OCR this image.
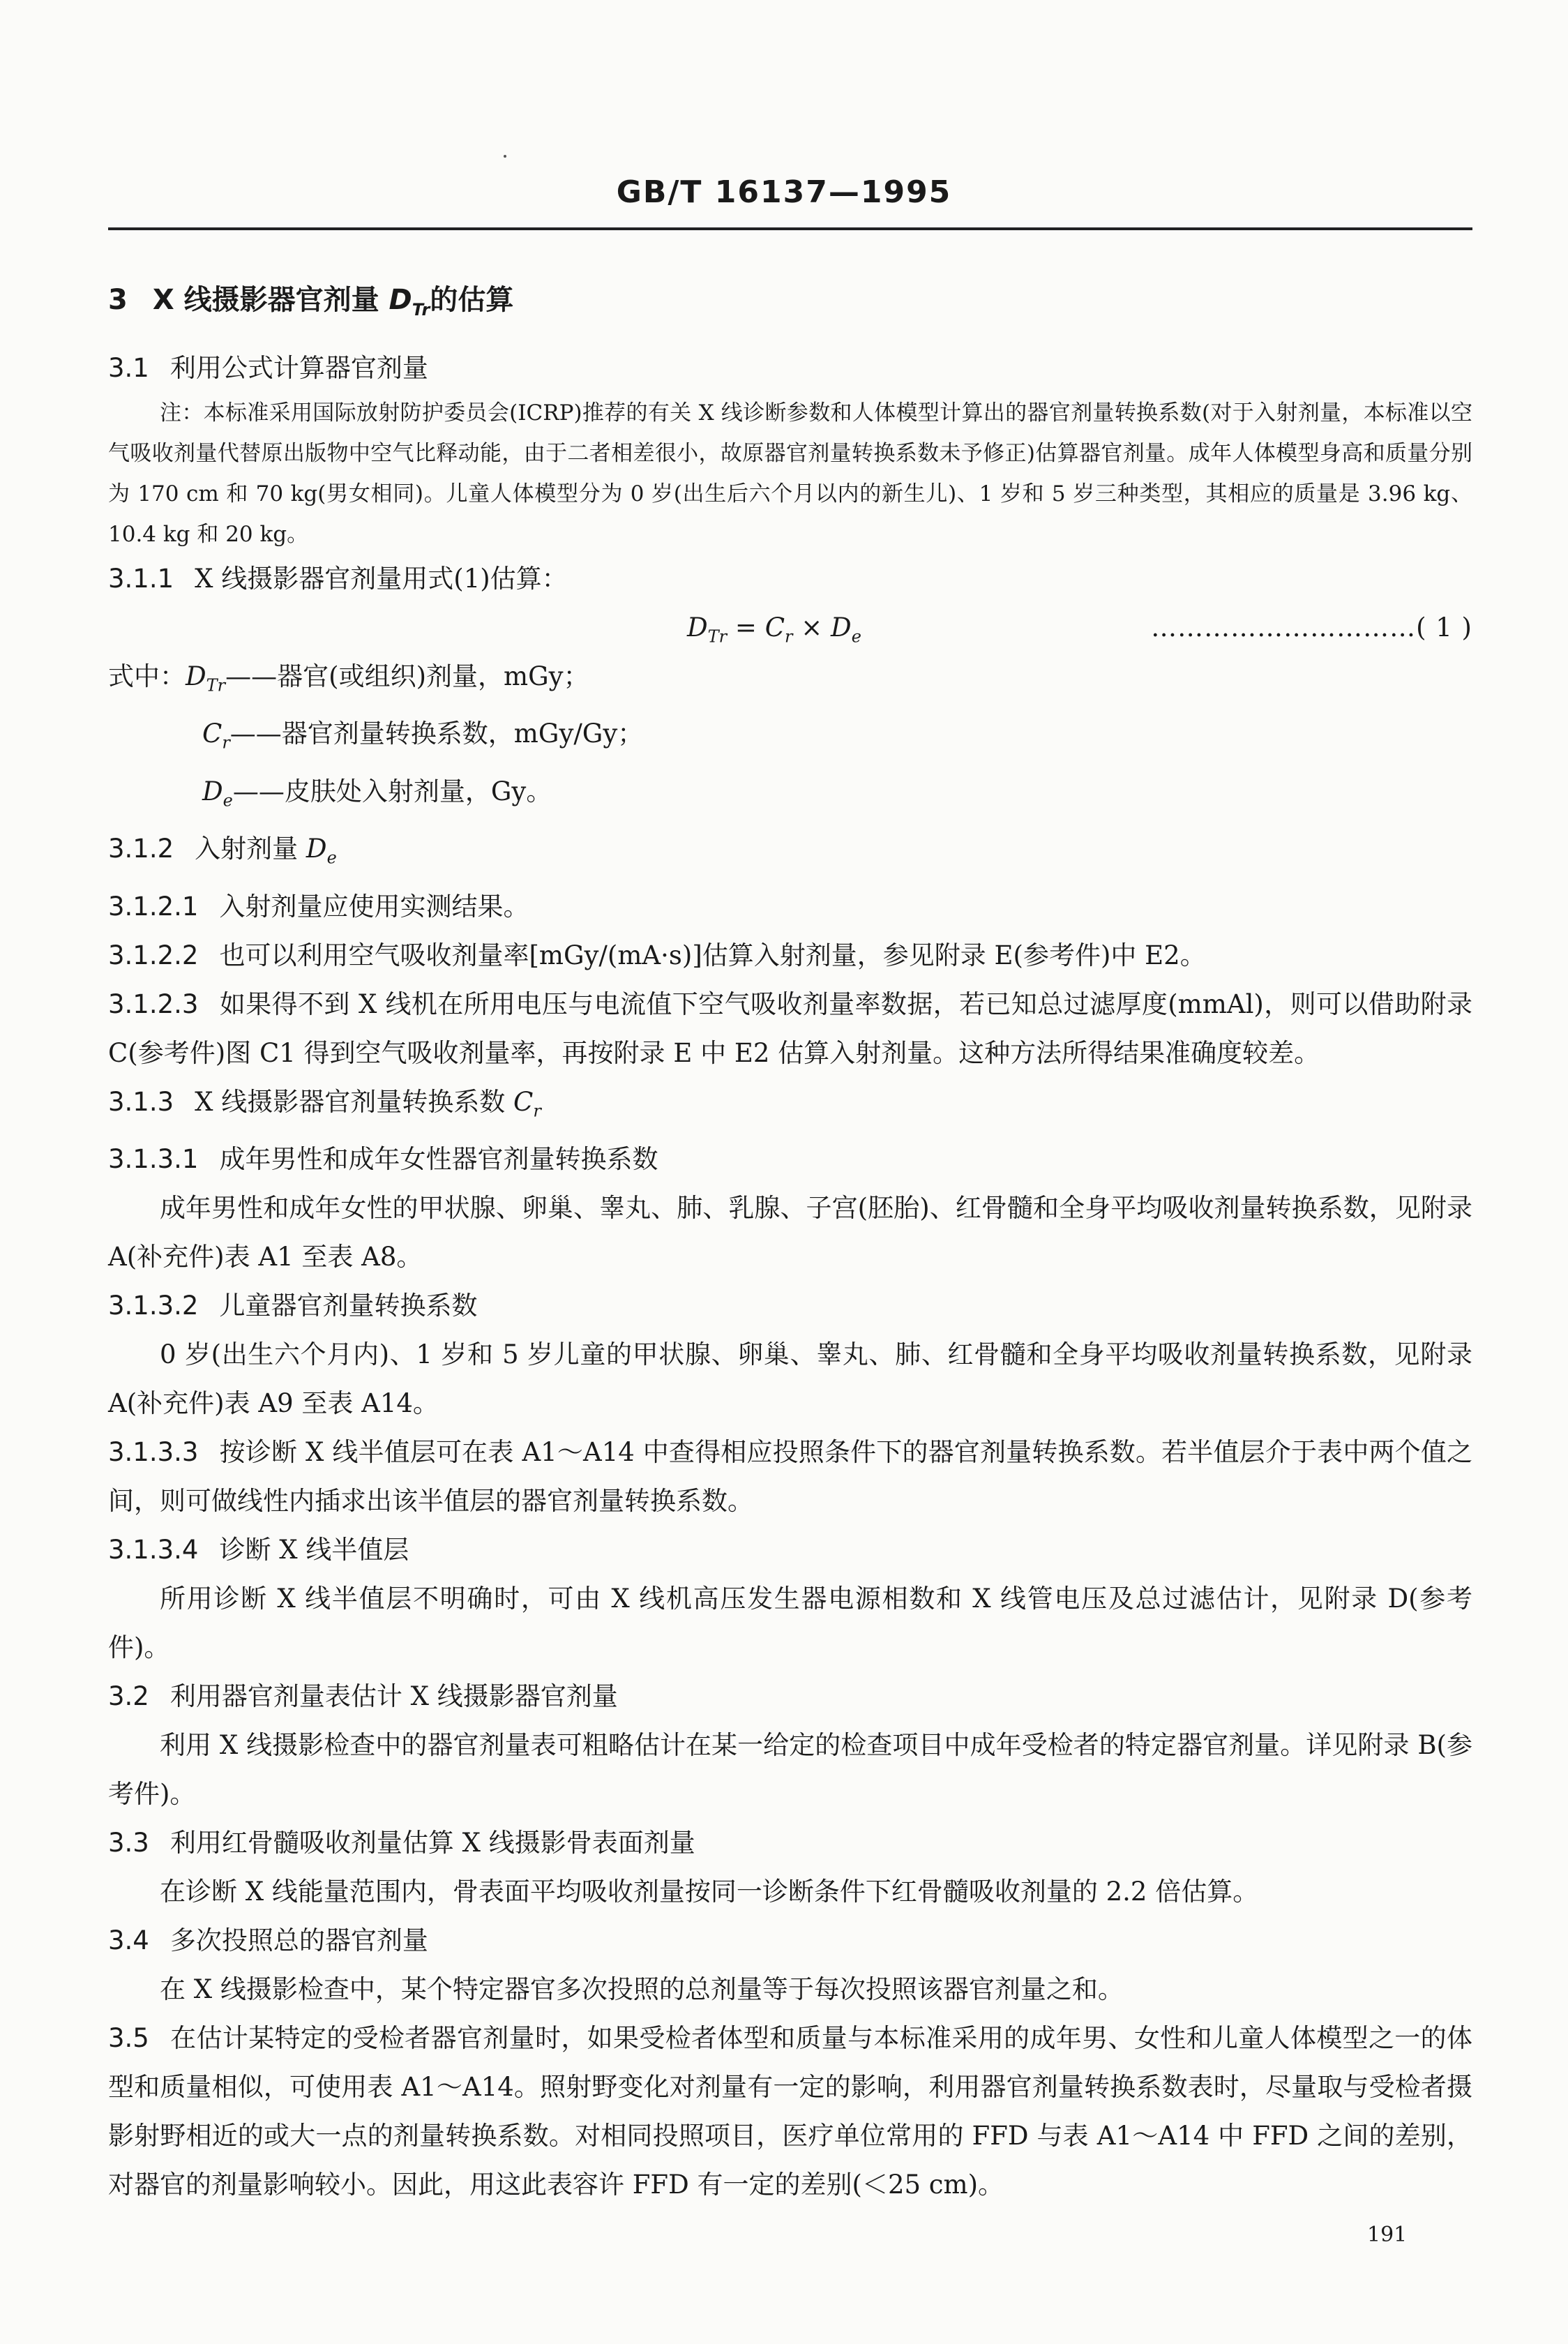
GB/T 16137—1995
3 X 线摄影器官剂量 $D_{Tr}$的估算
3.1 利用公式计算器官剂量
注：本标准采用国际放射防护委员会(ICRP)推荐的有关 X 线诊断参数和人体模型计算出的器官剂量转换系数(对于入射剂量，本标准以空气吸收剂量代替原出版物中空气比释动能，由于二者相差很小，故原器官剂量转换系数未予修正)估算器官剂量。成年人体模型身高和质量分别为 170 cm 和 70 kg(男女相同)。儿童人体模型分为 0 岁(出生后六个月以内的新生儿)、1 岁和 5 岁三种类型，其相应的质量是 3.96 kg、10.4 kg 和 20 kg。
3.1.1 X 线摄影器官剂量用式(1)估算：
$D_{Tr} = C_r \times D_e$	…………………………( 1 )
式中：$D_{Tr}——$器官(或组织)剂量，mGy；
$C_r——$器官剂量转换系数，mGy/Gy；
$D_e——$皮肤处入射剂量，Gy。
3.1.2 入射剂量 $D_e$
3.1.2.1 入射剂量应使用实测结果。
3.1.2.2 也可以利用空气吸收剂量率[mGy/(mA·s)]估算入射剂量，参见附录 E(参考件)中 E2。
3.1.2.3 如果得不到 X 线机在所用电压与电流值下空气吸收剂量率数据，若已知总过滤厚度(mmAl)，则可以借助附录 C(参考件)图 C1 得到空气吸收剂量率，再按附录 E 中 E2 估算入射剂量。这种方法所得结果准确度较差。
3.1.3 X 线摄影器官剂量转换系数 $C_r$
3.1.3.1 成年男性和成年女性器官剂量转换系数
成年男性和成年女性的甲状腺、卵巢、睾丸、肺、乳腺、子宫(胚胎)、红骨髓和全身平均吸收剂量转换系数，见附录 A(补充件)表 A1 至表 A8。
3.1.3.2 儿童器官剂量转换系数
0 岁(出生六个月内)、1 岁和 5 岁儿童的甲状腺、卵巢、睾丸、肺、红骨髓和全身平均吸收剂量转换系数，见附录 A(补充件)表 A9 至表 A14。
3.1.3.3 按诊断 X 线半值层可在表 A1～A14 中查得相应投照条件下的器官剂量转换系数。若半值层介于表中两个值之间，则可做线性内插求出该半值层的器官剂量转换系数。
3.1.3.4 诊断 X 线半值层
所用诊断 X 线半值层不明确时，可由 X 线机高压发生器电源相数和 X 线管电压及总过滤估计，见附录 D(参考件)。
3.2 利用器官剂量表估计 X 线摄影器官剂量
利用 X 线摄影检查中的器官剂量表可粗略估计在某一给定的检查项目中成年受检者的特定器官剂量。详见附录 B(参考件)。
3.3 利用红骨髓吸收剂量估算 X 线摄影骨表面剂量
在诊断 X 线能量范围内，骨表面平均吸收剂量按同一诊断条件下红骨髓吸收剂量的 2.2 倍估算。
3.4 多次投照总的器官剂量
在 X 线摄影检查中，某个特定器官多次投照的总剂量等于每次投照该器官剂量之和。
3.5 在估计某特定的受检者器官剂量时，如果受检者体型和质量与本标准采用的成年男、女性和儿童人体模型之一的体型和质量相似，可使用表 A1～A14。照射野变化对剂量有一定的影响，利用器官剂量转换系数表时，尽量取与受检者摄影射野相近的或大一点的剂量转换系数。对相同投照项目，医疗单位常用的 FFD 与表 A1～A14 中 FFD 之间的差别，对器官的剂量影响较小。因此，用这此表容许 FFD 有一定的差别(＜25 cm)。
191
